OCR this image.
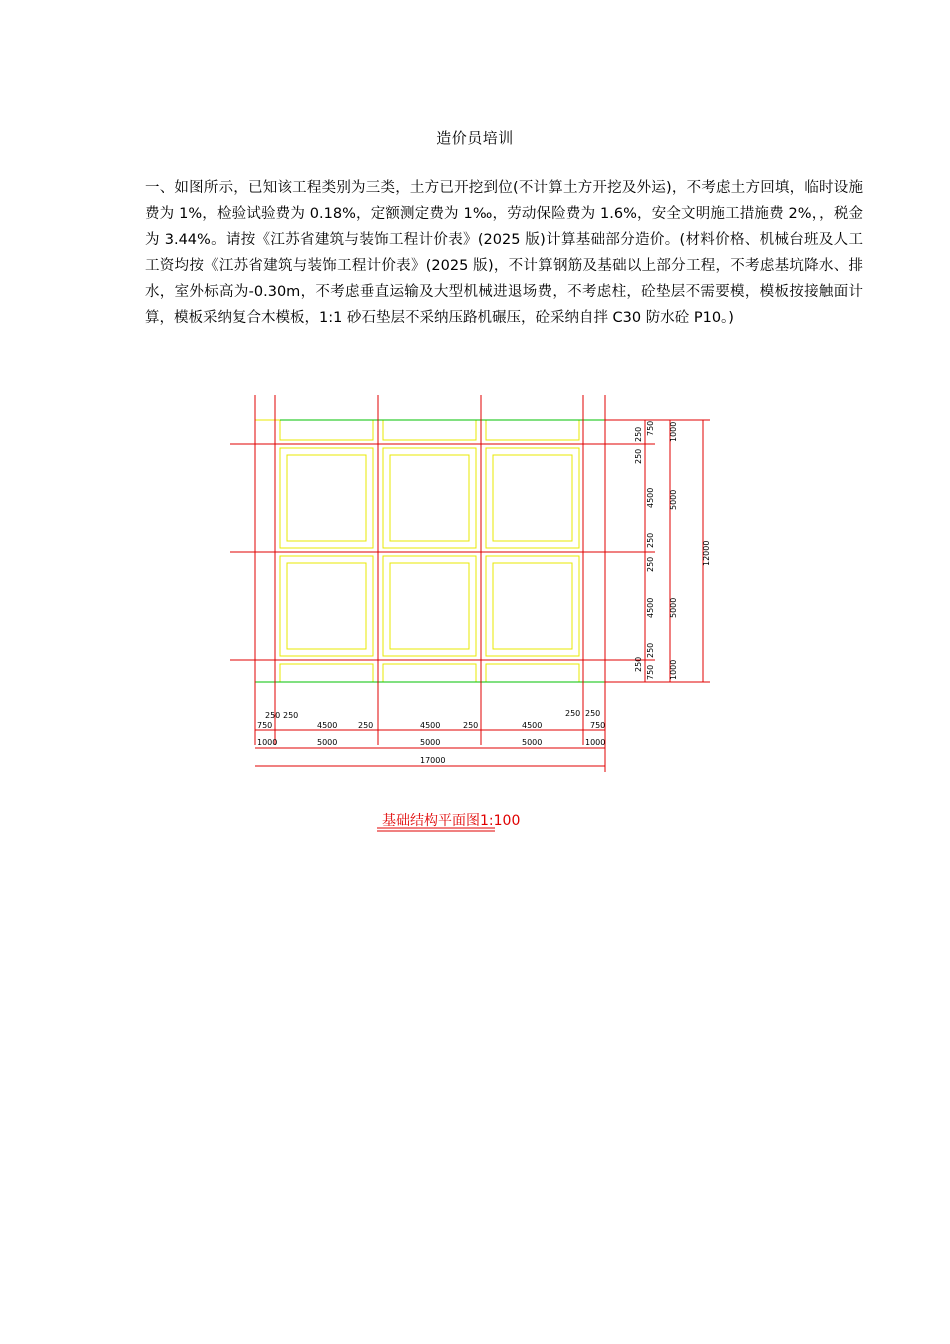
造价员培训
一、如图所示，已知该工程类别为三类，土方已开挖到位(不计算土方开挖及外运)，不考虑土方回填，临时设施费为 1%，检验试验费为 0.18%，定额测定费为 1‰，劳动保险费为 1.6%，安全文明施工措施费 2%，，税金为 3.44%。请按《江苏省建筑与装饰工程计价表》(2025 版)计算基础部分造价。(材料价格、机械台班及人工工资均按《江苏省建筑与装饰工程计价表》(2025 版)，不计算钢筋及基础以上部分工程，不考虑基坑降水、排水，室外标高为-0.30m，不考虑垂直运输及大型机械进退场费，不考虑柱，砼垫层不需要模，模板按接触面计算，模板采纳复合木模板，1:1 砂石垫层不采纳压路机碾压，砼采纳自拌 C30 防水砼 P10。)
250 250
250	250
250 250
750	4500	4500	4500	750
1000	5000	5000	5000	1000
17000
250 750
250
4500
250
250
4500
250
250
750
1000
5000
5000
1000
12000
基础结构平面图1:100
